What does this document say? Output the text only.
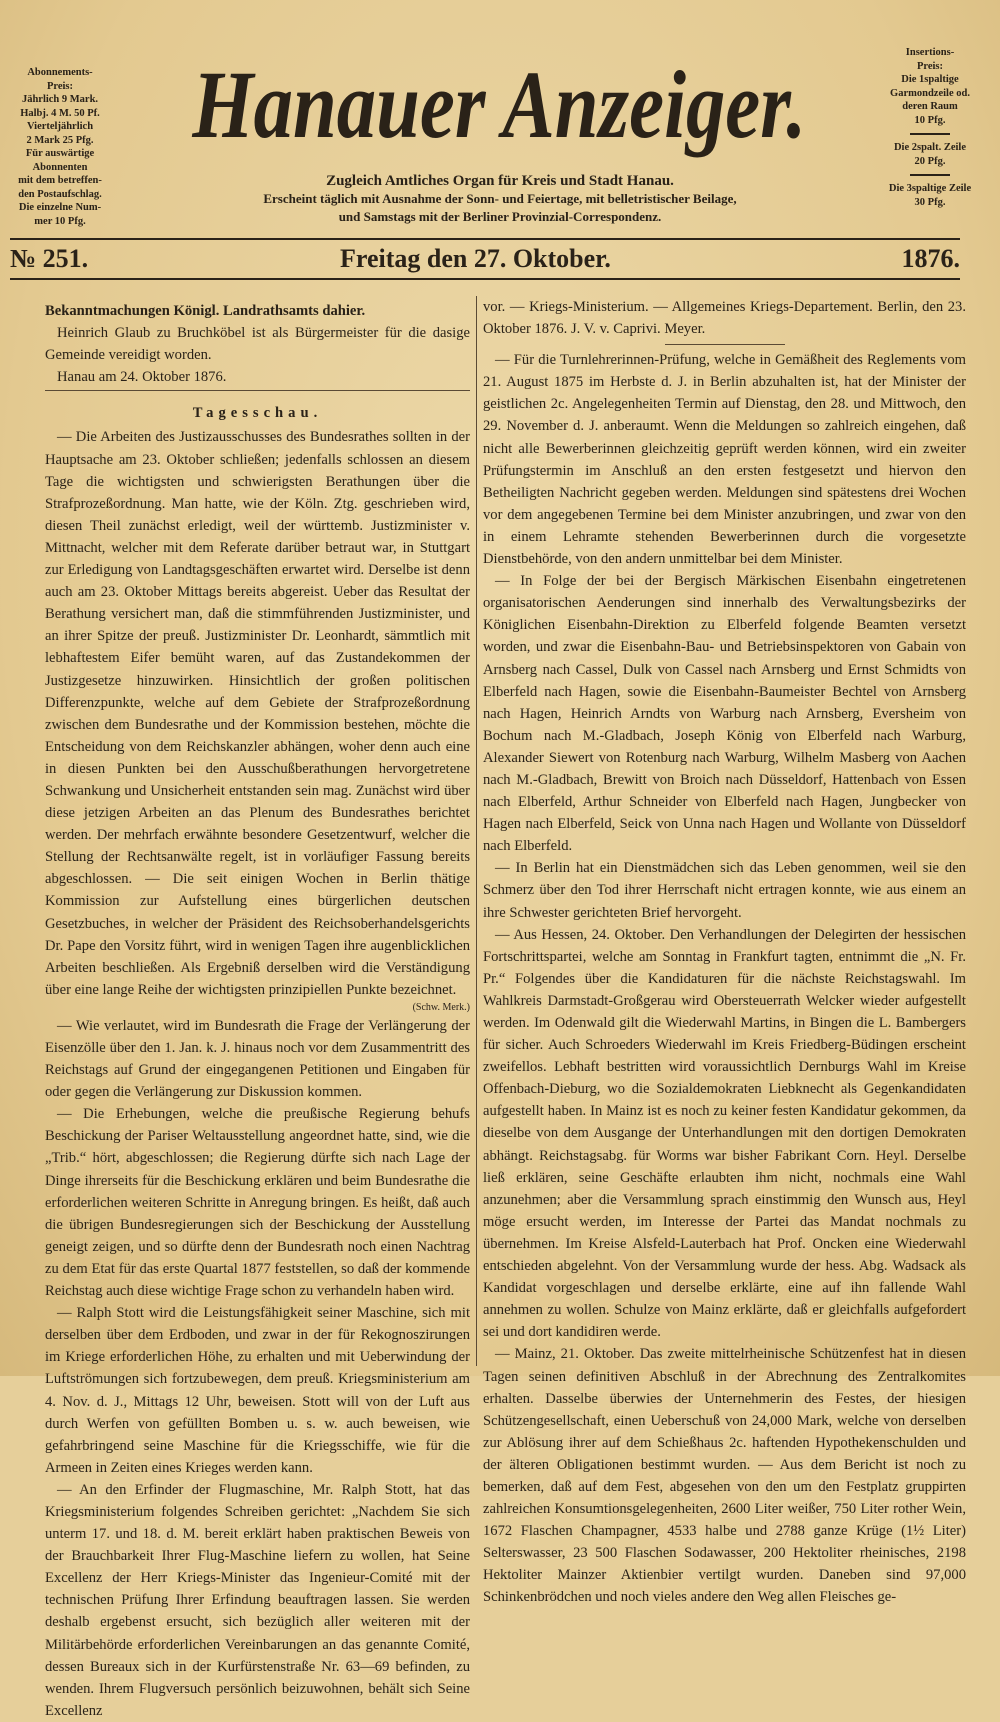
Abonnements-
Preis:
Jährlich 9 Mark.
Halbj. 4 M. 50 Pf.
Vierteljährlich
2 Mark 25 Pfg.
Für auswärtige
Abonnenten
mit dem betreffen-
den Postaufschlag.
Die einzelne Num-
mer 10 Pfg.
Hanauer Anzeiger.	Insertions-
Preis:
Die 1spaltige
Garmondzeile od.
deren Raum
10 Pfg.
Die 2spalt. Zeile
20 Pfg.
Die 3spaltige Zeile
30 Pfg.
Zugleich Amtliches Organ für Kreis und Stadt Hanau.
Erscheint täglich mit Ausnahme der Sonn- und Feiertage, mit belletristischer Beilage,
und Samstags mit der Berliner Provinzial-Correspondenz.
№ 251.	Freitag den 27. Oktober.	1876.

Bekanntmachungen Königl. Landrathsamts dahier.

Heinrich Glaub zu Bruchköbel ist als Bürgermeister für die dasige Gemeinde vereidigt worden.

Hanau am 24. Oktober 1876.

Tagesschau.

— Die Arbeiten des Justizausschusses des Bundesrathes sollten in der Hauptsache am 23. Oktober schließen; jedenfalls schlossen an diesem Tage die wichtigsten und schwierigsten Berathungen über die Strafprozeßordnung. Man hatte, wie der Köln. Ztg. geschrieben wird, diesen Theil zunächst erledigt, weil der württemb. Justizminister v. Mittnacht, welcher mit dem Referate darüber betraut war, in Stuttgart zur Erledigung von Landtagsgeschäften erwartet wird. Derselbe ist denn auch am 23. Oktober Mittags bereits abgereist. Ueber das Resultat der Berathung versichert man, daß die stimmführenden Justizminister, und an ihrer Spitze der preuß. Justizminister Dr. Leonhardt, sämmtlich mit lebhaftestem Eifer bemüht waren, auf das Zustandekommen der Justizgesetze hinzuwirken. Hinsichtlich der großen politischen Differenzpunkte, welche auf dem Gebiete der Strafprozeßordnung zwischen dem Bundesrathe und der Kommission bestehen, möchte die Entscheidung von dem Reichskanzler abhängen, woher denn auch eine in diesen Punkten bei den Ausschußberathungen hervorgetretene Schwankung und Unsicherheit entstanden sein mag. Zunächst wird über diese jetzigen Arbeiten an das Plenum des Bundesrathes berichtet werden. Der mehrfach erwähnte besondere Gesetzentwurf, welcher die Stellung der Rechtsanwälte regelt, ist in vorläufiger Fassung bereits abgeschlossen. — Die seit einigen Wochen in Berlin thätige Kommission zur Aufstellung eines bürgerlichen deutschen Gesetzbuches, in welcher der Präsident des Reichsoberhandelsgerichts Dr. Pape den Vorsitz führt, wird in wenigen Tagen ihre augenblicklichen Arbeiten beschließen. Als Ergebniß derselben wird die Verständigung über eine lange Reihe der wichtigsten prinzipiellen Punkte bezeichnet.

(Schw. Merk.)

— Wie verlautet, wird im Bundesrath die Frage der Verlängerung der Eisenzölle über den 1. Jan. k. J. hinaus noch vor dem Zusammentritt des Reichstags auf Grund der eingegangenen Petitionen und Eingaben für oder gegen die Verlängerung zur Diskussion kommen.

— Die Erhebungen, welche die preußische Regierung behufs Beschickung der Pariser Weltausstellung angeordnet hatte, sind, wie die „Trib.“ hört, abgeschlossen; die Regierung dürfte sich nach Lage der Dinge ihrerseits für die Beschickung erklären und beim Bundesrathe die erforderlichen weiteren Schritte in Anregung bringen. Es heißt, daß auch die übrigen Bundesregierungen sich der Beschickung der Ausstellung geneigt zeigen, und so dürfte denn der Bundesrath noch einen Nachtrag zu dem Etat für das erste Quartal 1877 feststellen, so daß der kommende Reichstag auch diese wichtige Frage schon zu verhandeln haben wird.

— Ralph Stott wird die Leistungsfähigkeit seiner Maschine, sich mit derselben über dem Erdboden, und zwar in der für Rekognoszirungen im Kriege erforderlichen Höhe, zu erhalten und mit Ueberwindung der Luftströmungen sich fortzubewegen, dem preuß. Kriegsministerium am 4. Nov. d. J., Mittags 12 Uhr, beweisen. Stott will von der Luft aus durch Werfen von gefüllten Bomben u. s. w. auch beweisen, wie gefahrbringend seine Maschine für die Kriegsschiffe, wie für die Armeen in Zeiten eines Krieges werden kann.

— An den Erfinder der Flugmaschine, Mr. Ralph Stott, hat das Kriegsministerium folgendes Schreiben gerichtet: „Nachdem Sie sich unterm 17. und 18. d. M. bereit erklärt haben praktischen Beweis von der Brauchbarkeit Ihrer Flug-Maschine liefern zu wollen, hat Seine Excellenz der Herr Kriegs-Minister das Ingenieur-Comité mit der technischen Prüfung Ihrer Erfindung beauftragen lassen. Sie werden deshalb ergebenst ersucht, sich bezüglich aller weiteren mit der Militärbehörde erforderlichen Vereinbarungen an das genannte Comité, dessen Bureaux sich in der Kurfürstenstraße Nr. 63—69 befinden, zu wenden. Ihrem Flugversuch persönlich beizuwohnen, behält sich Seine Excellenz

vor. — Kriegs-Ministerium. — Allgemeines Kriegs-Departement. Berlin, den 23. Oktober 1876. J. V. v. Caprivi. Meyer.

— Für die Turnlehrerinnen-Prüfung, welche in Gemäßheit des Reglements vom 21. August 1875 im Herbste d. J. in Berlin abzuhalten ist, hat der Minister der geistlichen 2c. Angelegenheiten Termin auf Dienstag, den 28. und Mittwoch, den 29. November d. J. anberaumt. Wenn die Meldungen so zahlreich eingehen, daß nicht alle Bewerberinnen gleichzeitig geprüft werden können, wird ein zweiter Prüfungstermin im Anschluß an den ersten festgesetzt und hiervon den Betheiligten Nachricht gegeben werden. Meldungen sind spätestens drei Wochen vor dem angegebenen Termine bei dem Minister anzubringen, und zwar von den in einem Lehramte stehenden Bewerberinnen durch die vorgesetzte Dienstbehörde, von den andern unmittelbar bei dem Minister.

— In Folge der bei der Bergisch Märkischen Eisenbahn eingetretenen organisatorischen Aenderungen sind innerhalb des Verwaltungsbezirks der Königlichen Eisenbahn-Direktion zu Elberfeld folgende Beamten versetzt worden, und zwar die Eisenbahn-Bau- und Betriebsinspektoren von Gabain von Arnsberg nach Cassel, Dulk von Cassel nach Arnsberg und Ernst Schmidts von Elberfeld nach Hagen, sowie die Eisenbahn-Baumeister Bechtel von Arnsberg nach Hagen, Heinrich Arndts von Warburg nach Arnsberg, Eversheim von Bochum nach M.-Gladbach, Joseph König von Elberfeld nach Warburg, Alexander Siewert von Rotenburg nach Warburg, Wilhelm Masberg von Aachen nach M.-Gladbach, Brewitt von Broich nach Düsseldorf, Hattenbach von Essen nach Elberfeld, Arthur Schneider von Elberfeld nach Hagen, Jungbecker von Hagen nach Elberfeld, Seick von Unna nach Hagen und Wollante von Düsseldorf nach Elberfeld.

— In Berlin hat ein Dienstmädchen sich das Leben genommen, weil sie den Schmerz über den Tod ihrer Herrschaft nicht ertragen konnte, wie aus einem an ihre Schwester gerichteten Brief hervorgeht.

— Aus Hessen, 24. Oktober. Den Verhandlungen der Delegirten der hessischen Fortschrittspartei, welche am Sonntag in Frankfurt tagten, entnimmt die „N. Fr. Pr.“ Folgendes über die Kandidaturen für die nächste Reichstagswahl. Im Wahlkreis Darmstadt-Großgerau wird Obersteuerrath Welcker wieder aufgestellt werden. Im Odenwald gilt die Wiederwahl Martins, in Bingen die L. Bambergers für sicher. Auch Schroeders Wiederwahl im Kreis Friedberg-Büdingen erscheint zweifellos. Lebhaft bestritten wird voraussichtlich Dernburgs Wahl im Kreise Offenbach-Dieburg, wo die Sozialdemokraten Liebknecht als Gegenkandidaten aufgestellt haben. In Mainz ist es noch zu keiner festen Kandidatur gekommen, da dieselbe von dem Ausgange der Unterhandlungen mit den dortigen Demokraten abhängt. Reichstagsabg. für Worms war bisher Fabrikant Corn. Heyl. Derselbe ließ erklären, seine Geschäfte erlaubten ihm nicht, nochmals eine Wahl anzunehmen; aber die Versammlung sprach einstimmig den Wunsch aus, Heyl möge ersucht werden, im Interesse der Partei das Mandat nochmals zu übernehmen. Im Kreise Alsfeld-Lauterbach hat Prof. Oncken eine Wiederwahl entschieden abgelehnt. Von der Versammlung wurde der hess. Abg. Wadsack als Kandidat vorgeschlagen und derselbe erklärte, eine auf ihn fallende Wahl annehmen zu wollen. Schulze von Mainz erklärte, daß er gleichfalls aufgefordert sei und dort kandidiren werde.

— Mainz, 21. Oktober. Das zweite mittelrheinische Schützenfest hat in diesen Tagen seinen definitiven Abschluß in der Abrechnung des Zentralkomites erhalten. Dasselbe überwies der Unternehmerin des Festes, der hiesigen Schützengesellschaft, einen Ueberschuß von 24,000 Mark, welche von derselben zur Ablösung ihrer auf dem Schießhaus 2c. haftenden Hypothekenschulden und der älteren Obligationen bestimmt wurden. — Aus dem Bericht ist noch zu bemerken, daß auf dem Fest, abgesehen von den um den Festplatz gruppirten zahlreichen Konsumtionsgelegenheiten, 2600 Liter weißer, 750 Liter rother Wein, 1672 Flaschen Champagner, 4533 halbe und 2788 ganze Krüge (1½ Liter) Selterswasser, 23 500 Flaschen Sodawasser, 200 Hektoliter rheinisches, 2198 Hektoliter Mainzer Aktienbier vertilgt wurden. Daneben sind 97,000 Schinkenbrödchen und noch vieles andere den Weg allen Fleisches ge-
